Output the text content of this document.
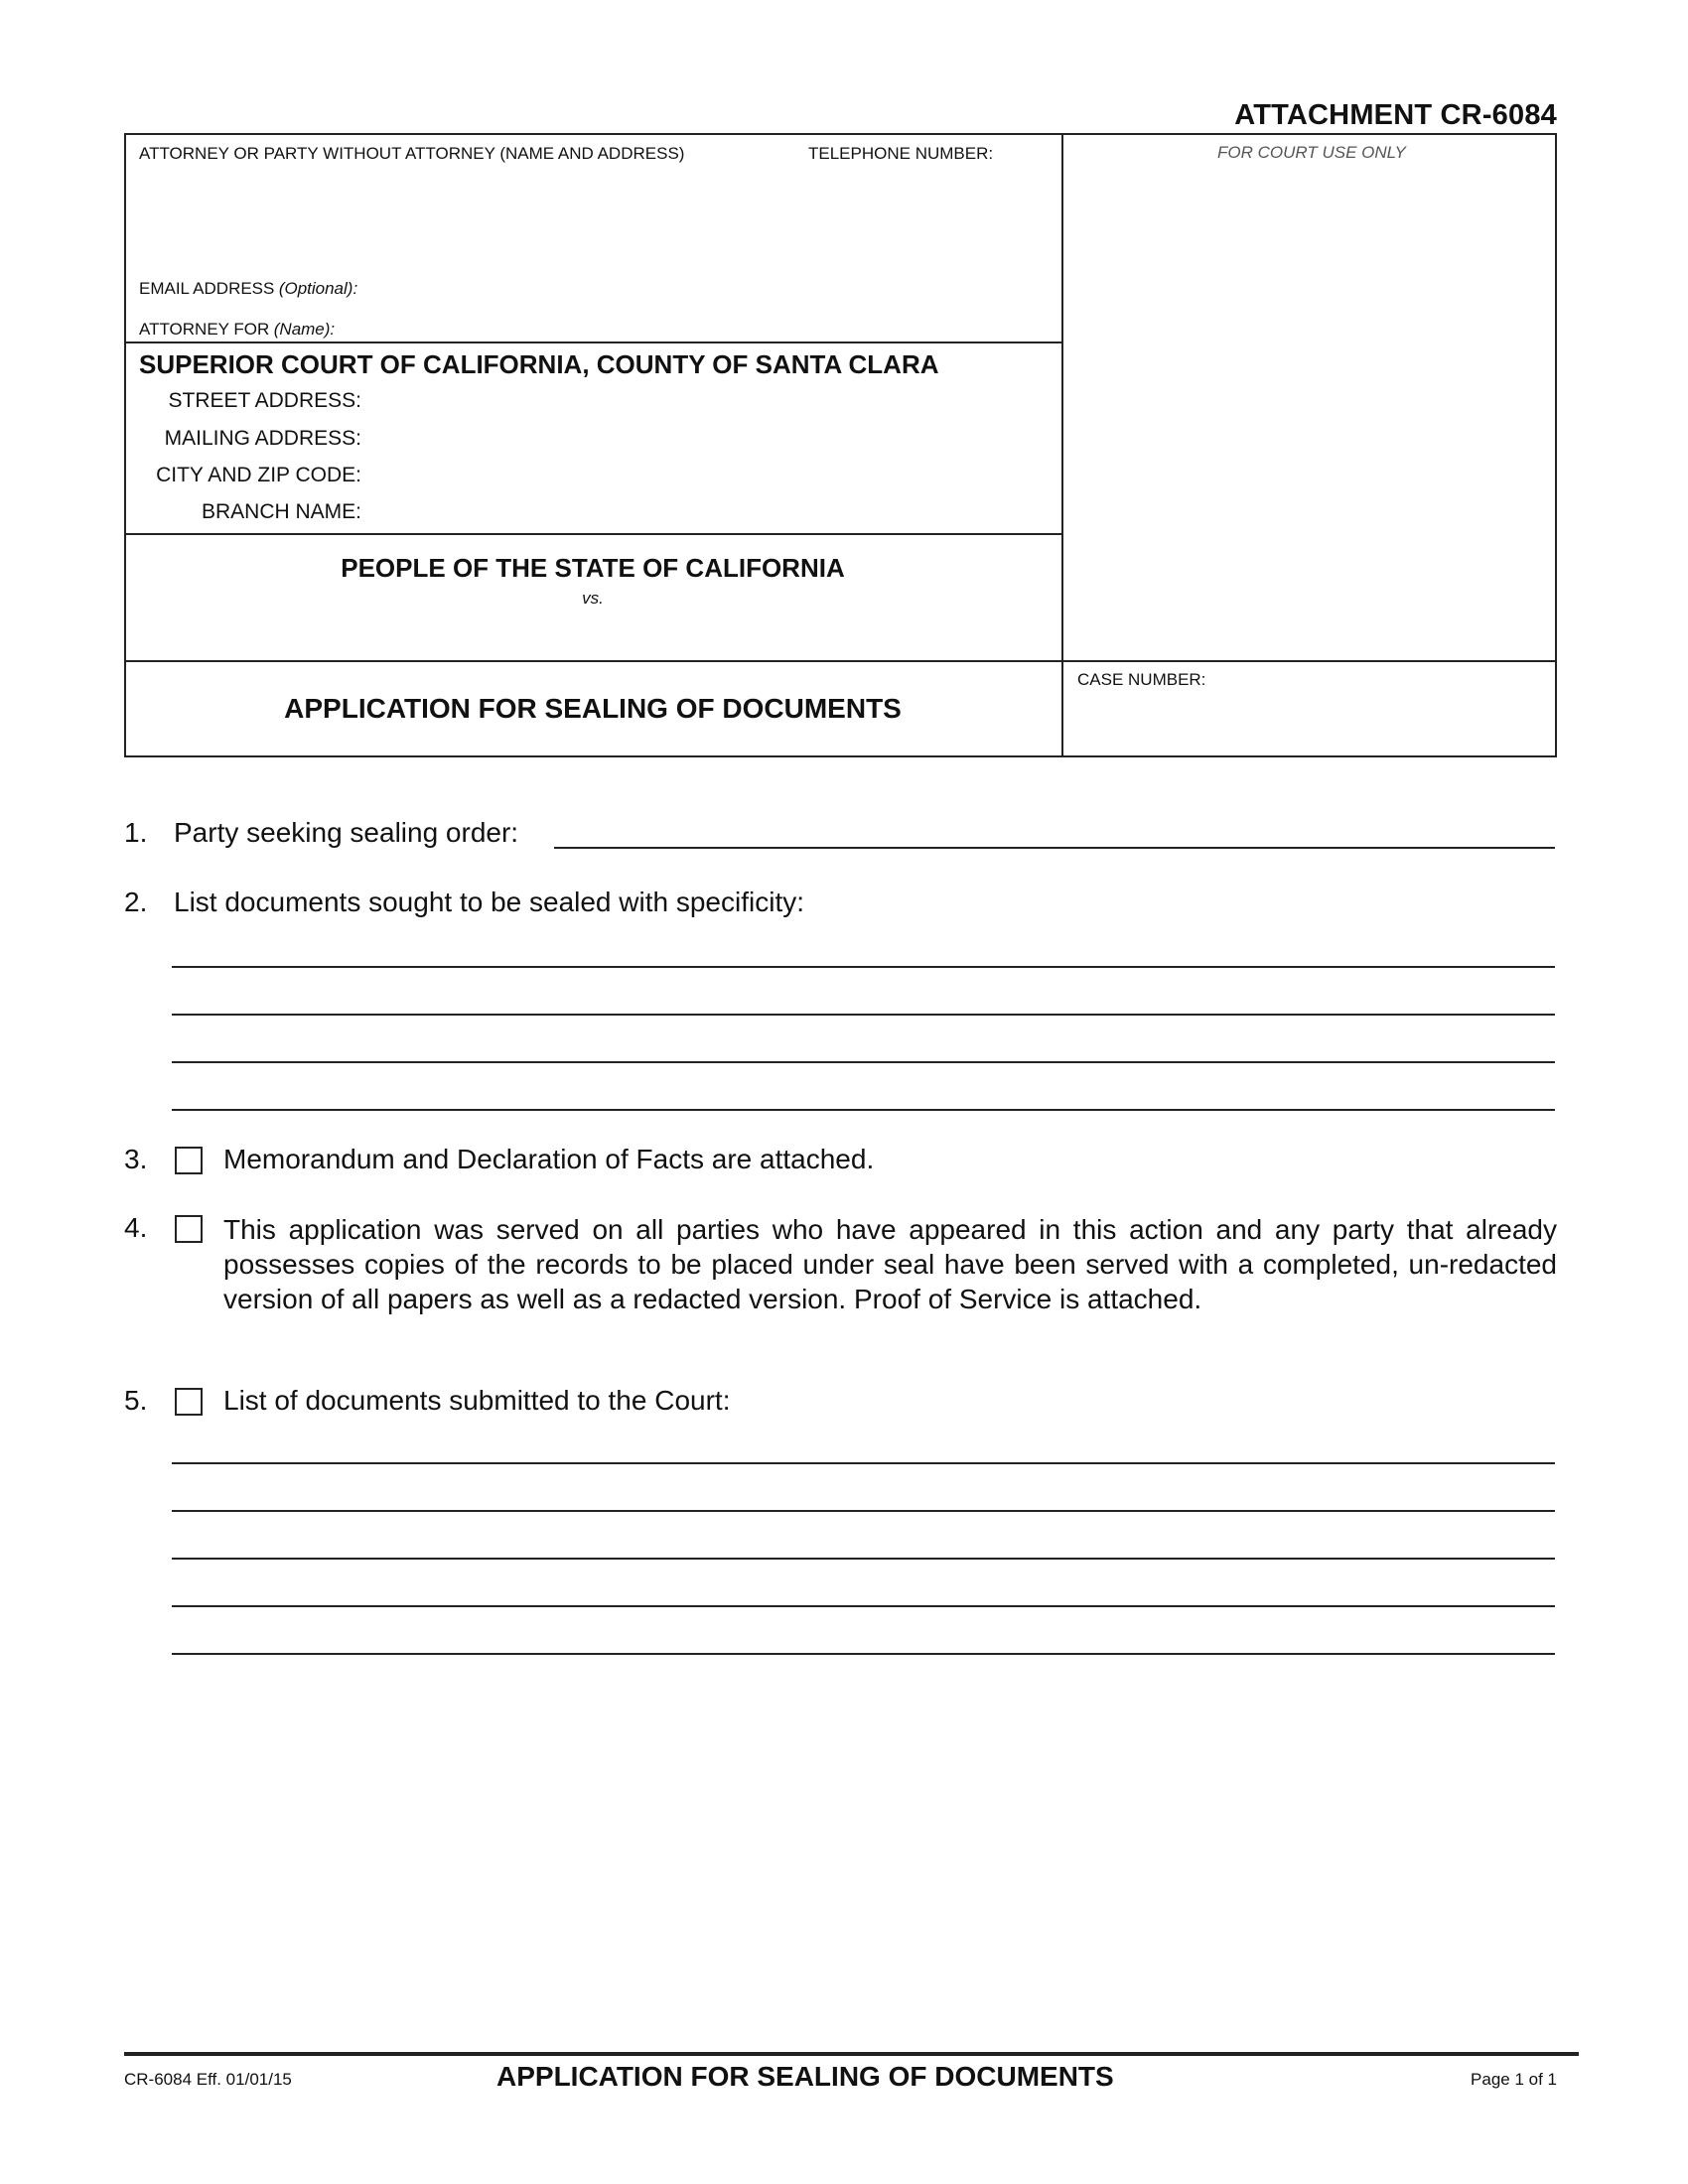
ATTACHMENT CR-6084
ATTORNEY OR PARTY WITHOUT ATTORNEY (NAME AND ADDRESS)	TELEPHONE NUMBER:	FOR COURT USE ONLY
EMAIL ADDRESS (Optional):
ATTORNEY FOR (Name):
SUPERIOR COURT OF CALIFORNIA, COUNTY OF SANTA CLARA
STREET ADDRESS:
MAILING ADDRESS:
CITY AND ZIP CODE:
BRANCH NAME:
PEOPLE OF THE STATE OF CALIFORNIA
vs.
APPLICATION FOR SEALING OF DOCUMENTS
CASE NUMBER:
1. Party seeking sealing order:
2. List documents sought to be sealed with specificity:
3.	Memorandum and Declaration of Facts are attached.
4.	This application was served on all parties who have appeared in this action and any party that already possesses copies of the records to be placed under seal have been served with a completed, un-redacted version of all papers as well as a redacted version. Proof of Service is attached.
5.	List of documents submitted to the Court:
CR-6084 Eff. 01/01/15	APPLICATION FOR SEALING OF DOCUMENTS	Page 1 of 1
